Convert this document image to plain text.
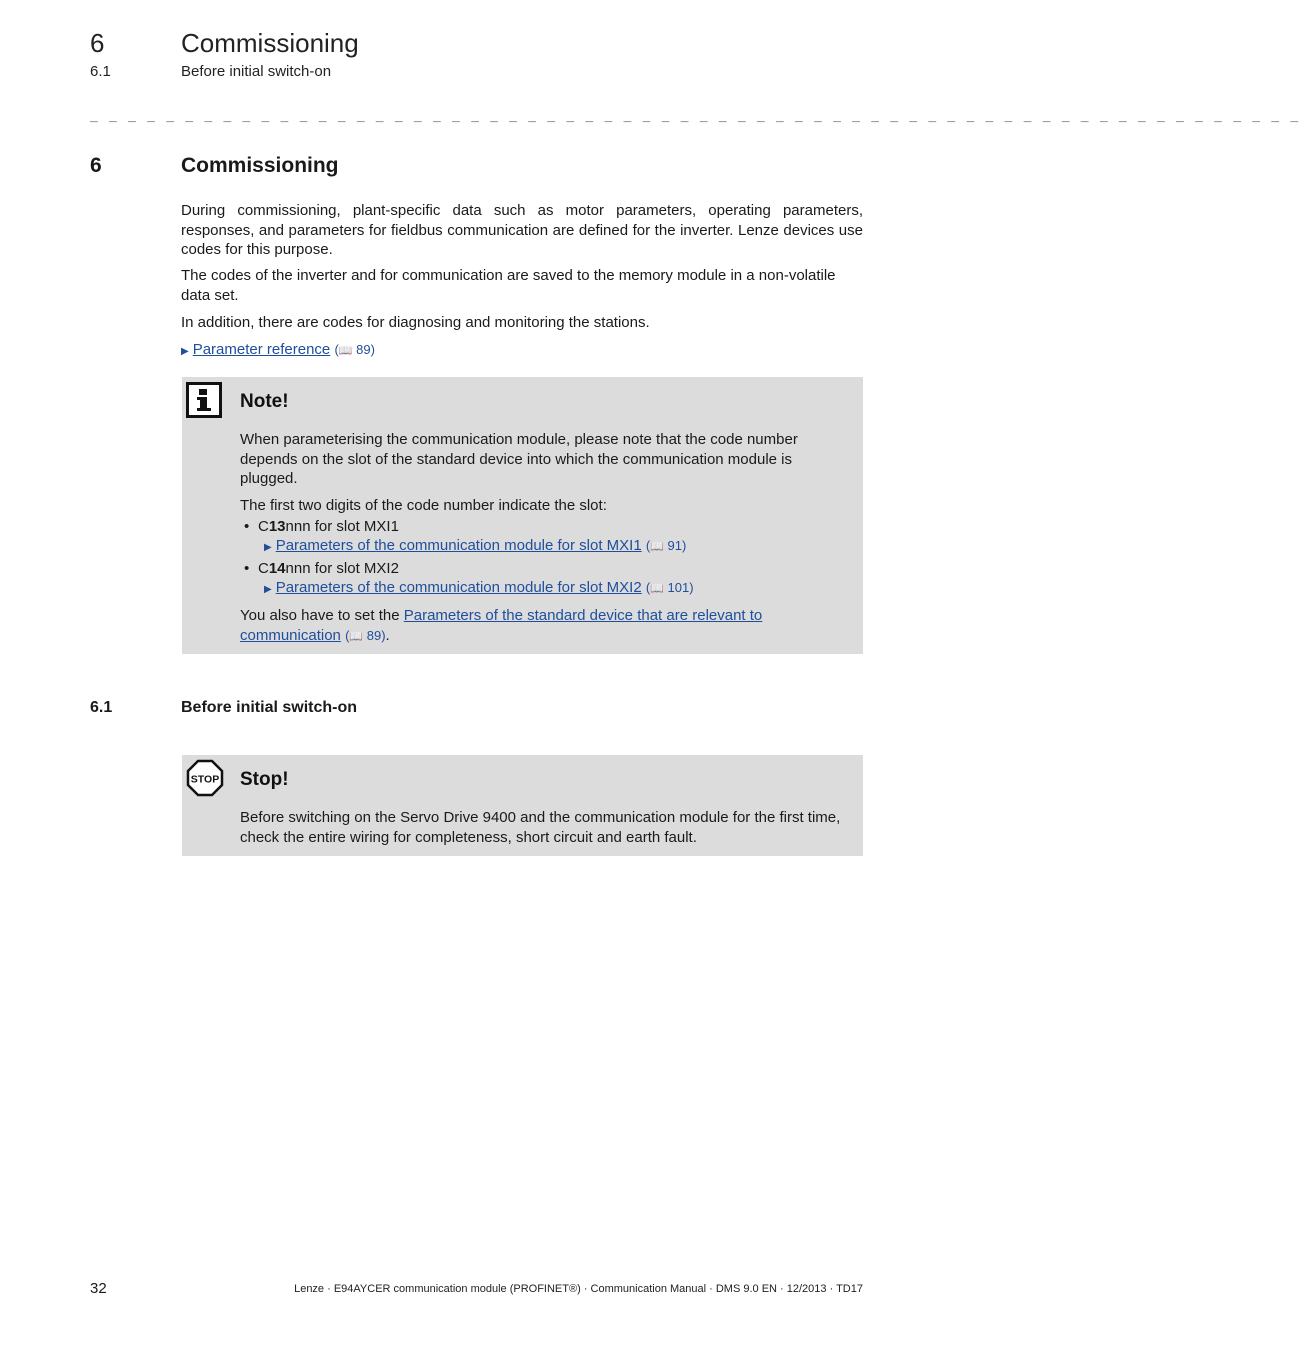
6	Commissioning
6.1	Before initial switch-on
_ _ _ _ _ _ _ _ _ _ _ _ _ _ _ _ _ _ _ _ _ _ _ _ _ _ _ _ _ _ _ _ _ _ _ _ _ _ _ _ _ _ _ _ _ _ _ _ _ _ _ _ _ _ _ _ _ _ _ _ _ _ _ _
6	Commissioning
During commissioning, plant-specific data such as motor parameters, operating parameters, responses, and parameters for fieldbus communication are defined for the inverter. Lenze devices use codes for this purpose.
The codes of the inverter and for communication are saved to the memory module in a non-volatile data set.
In addition, there are codes for diagnosing and monitoring the stations.
▶ Parameter reference (📖 89)
Note!
When parameterising the communication module, please note that the code number depends on the slot of the standard device into which the communication module is plugged.
The first two digits of the code number indicate the slot:
• C13nnn for slot MXI1
▶ Parameters of the communication module for slot MXI1 (📖 91)
• C14nnn for slot MXI2
▶ Parameters of the communication module for slot MXI2 (📖 101)
You also have to set the Parameters of the standard device that are relevant to
communication (📖 89).
6.1	Before initial switch-on
STOP Stop!
Before switching on the Servo Drive 9400 and the communication module for the first time, check the entire wiring for completeness, short circuit and earth fault.
32	Lenze · E94AYCER communication module (PROFINET®) · Communication Manual · DMS 9.0 EN · 12/2013 · TD17
